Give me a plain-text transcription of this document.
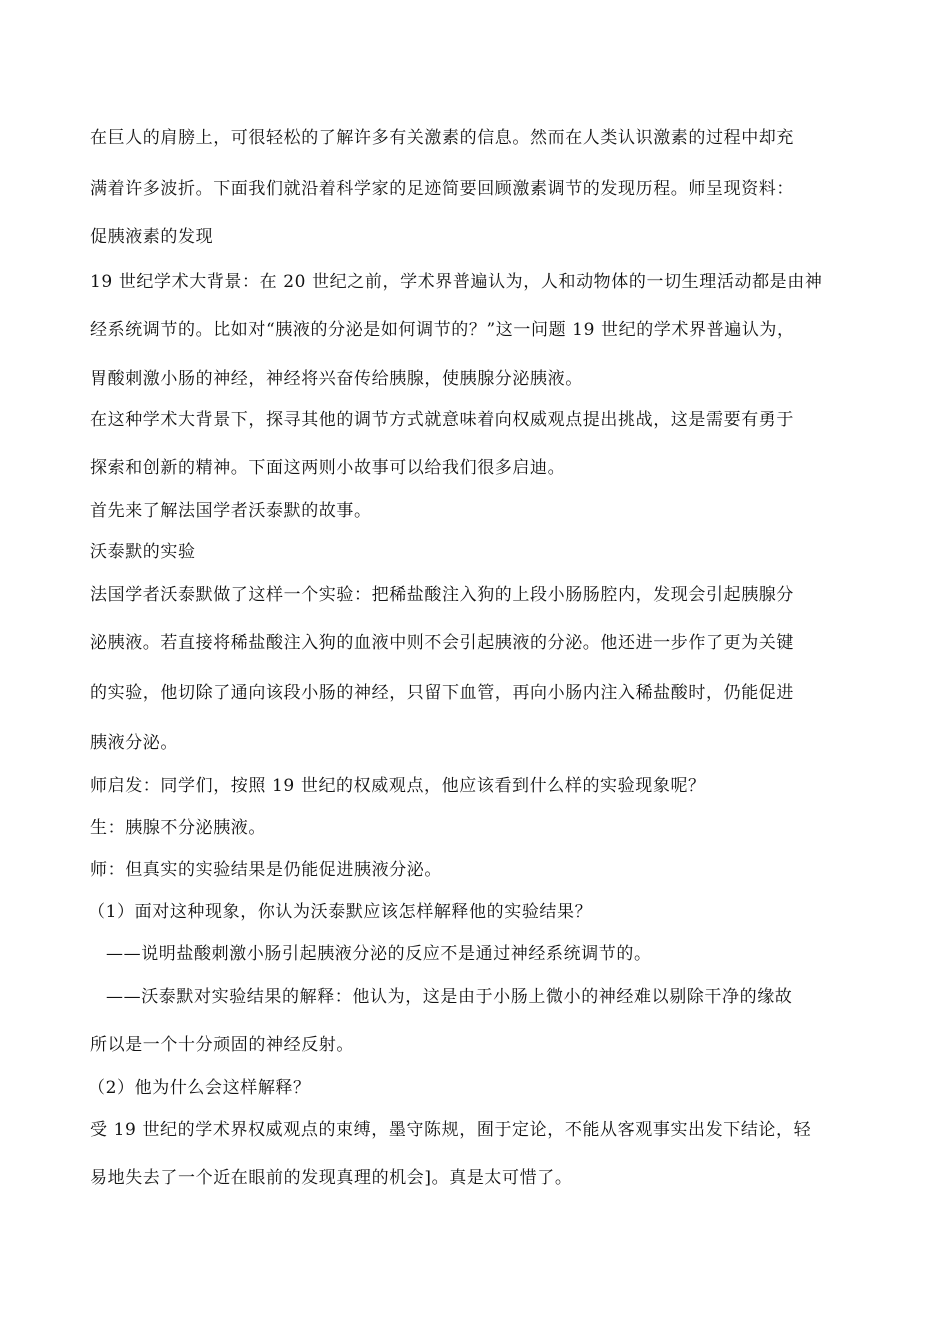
在巨人的肩膀上，可很轻松的了解许多有关激素的信息。然而在人类认识激素的过程中却充
满着许多波折。下面我们就沿着科学家的足迹简要回顾激素调节的发现历程。师呈现资料：
促胰液素的发现
19 世纪学术大背景：在 20 世纪之前，学术界普遍认为，人和动物体的一切生理活动都是由神
经系统调节的。比如对“胰液的分泌是如何调节的？”这一问题 19 世纪的学术界普遍认为，
胃酸刺激小肠的神经，神经将兴奋传给胰腺，使胰腺分泌胰液。
在这种学术大背景下，探寻其他的调节方式就意味着向权威观点提出挑战，这是需要有勇于
探索和创新的精神。下面这两则小故事可以给我们很多启迪。
首先来了解法国学者沃泰默的故事。
沃泰默的实验
法国学者沃泰默做了这样一个实验：把稀盐酸注入狗的上段小肠肠腔内，发现会引起胰腺分
泌胰液。若直接将稀盐酸注入狗的血液中则不会引起胰液的分泌。他还进一步作了更为关键
的实验，他切除了通向该段小肠的神经，只留下血管，再向小肠内注入稀盐酸时，仍能促进
胰液分泌。
师启发：同学们，按照 19 世纪的权威观点，他应该看到什么样的实验现象呢？
生：胰腺不分泌胰液。
师：但真实的实验结果是仍能促进胰液分泌。
（1）面对这种现象，你认为沃泰默应该怎样解释他的实验结果？
——说明盐酸刺激小肠引起胰液分泌的反应不是通过神经系统调节的。
——沃泰默对实验结果的解释：他认为，这是由于小肠上微小的神经难以剔除干净的缘故
所以是一个十分顽固的神经反射。
（2）他为什么会这样解释？
受 19 世纪的学术界权威观点的束缚，墨守陈规，囿于定论，不能从客观事实出发下结论，轻
易地失去了一个近在眼前的发现真理的机会]。真是太可惜了。
